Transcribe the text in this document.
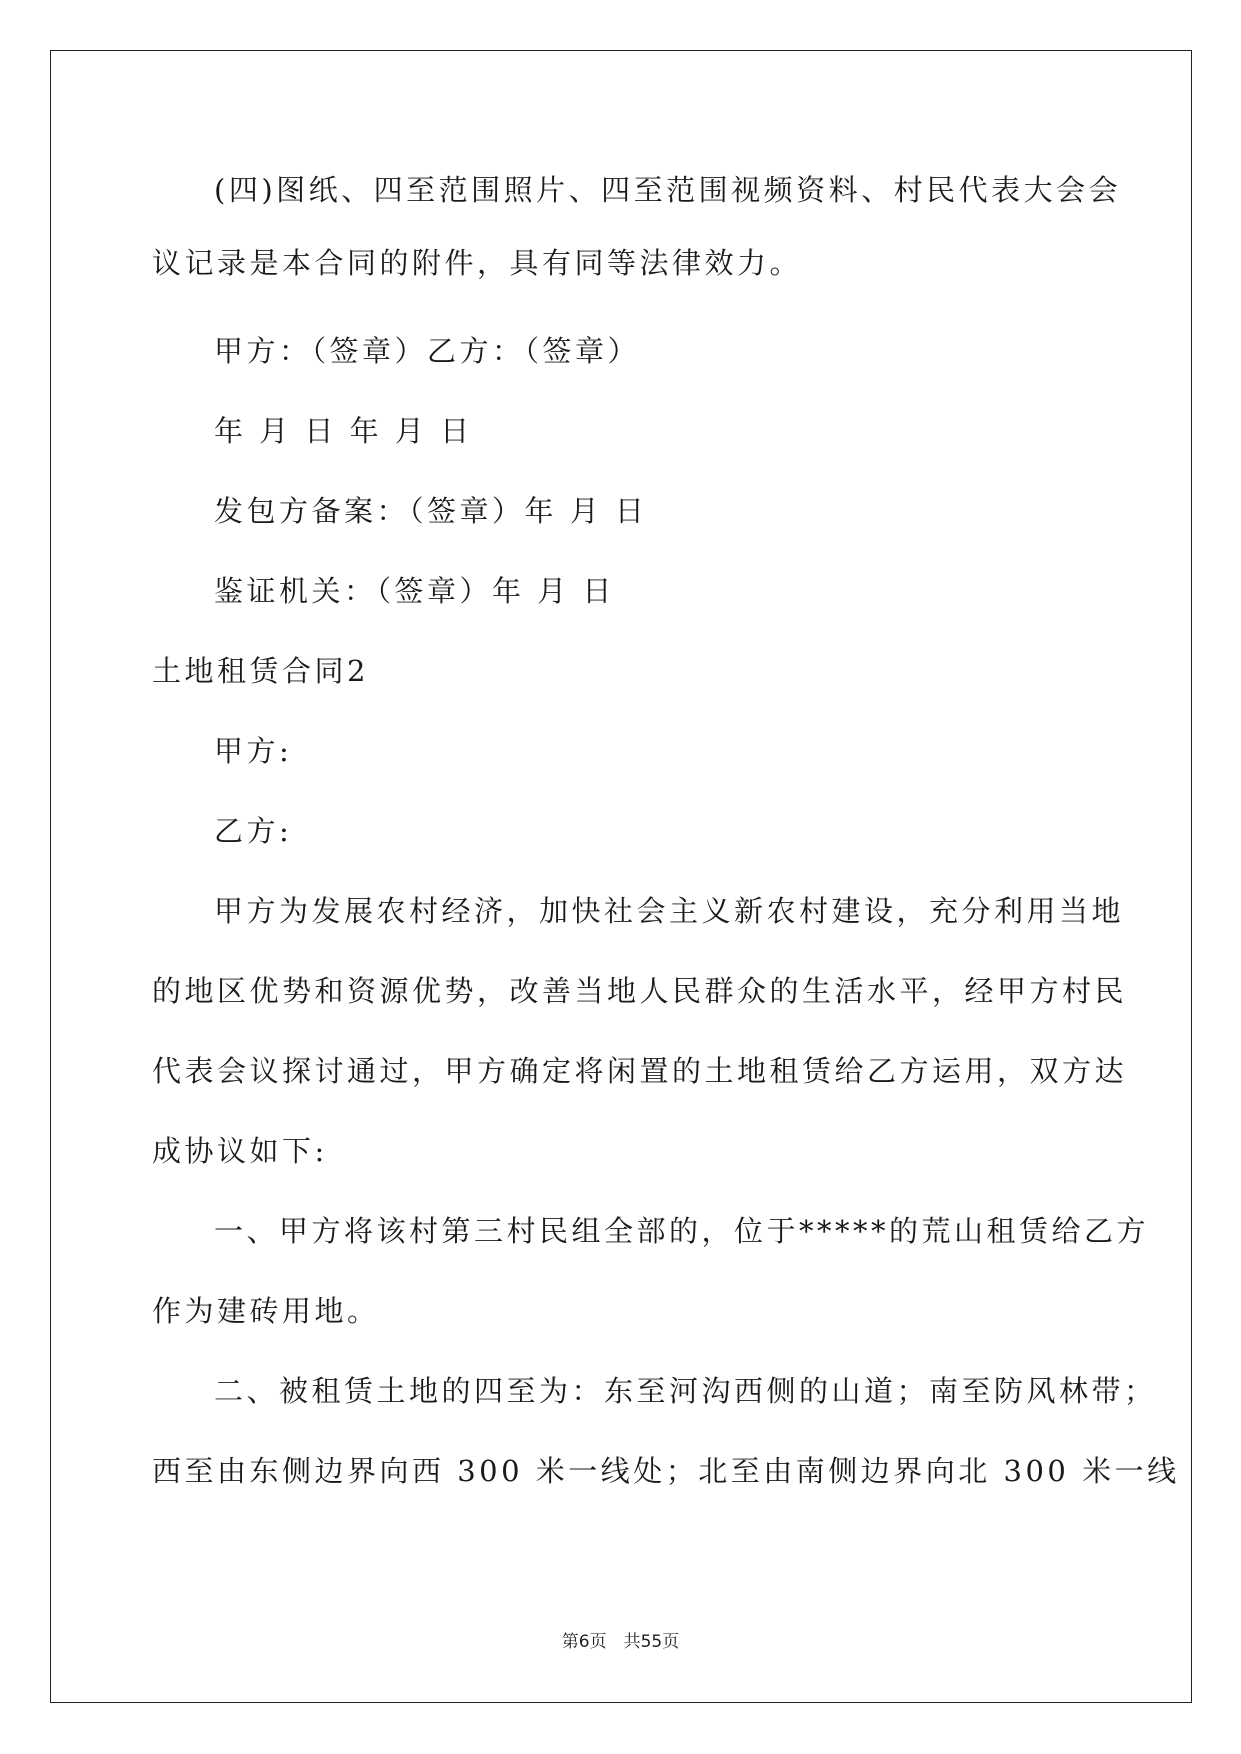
(四)图纸、四至范围照片、四至范围视频资料、村民代表大会会
议记录是本合同的附件，具有同等法律效力。
甲方：（签章）乙方：（签章）
年 月 日 年 月 日
发包方备案：（签章）年 月 日
鉴证机关：（签章）年 月 日
土地租赁合同2
甲方:
乙方:
甲方为发展农村经济，加快社会主义新农村建设，充分利用当地
的地区优势和资源优势，改善当地人民群众的生活水平，经甲方村民
代表会议探讨通过，甲方确定将闲置的土地租赁给乙方运用，双方达
成协议如下:
一、甲方将该村第三村民组全部的，位于*****的荒山租赁给乙方
作为建砖用地。
二、被租赁土地的四至为：东至河沟西侧的山道；南至防风林带；
西至由东侧边界向西 300 米一线处；北至由南侧边界向北 300 米一线
第6页　共55页
